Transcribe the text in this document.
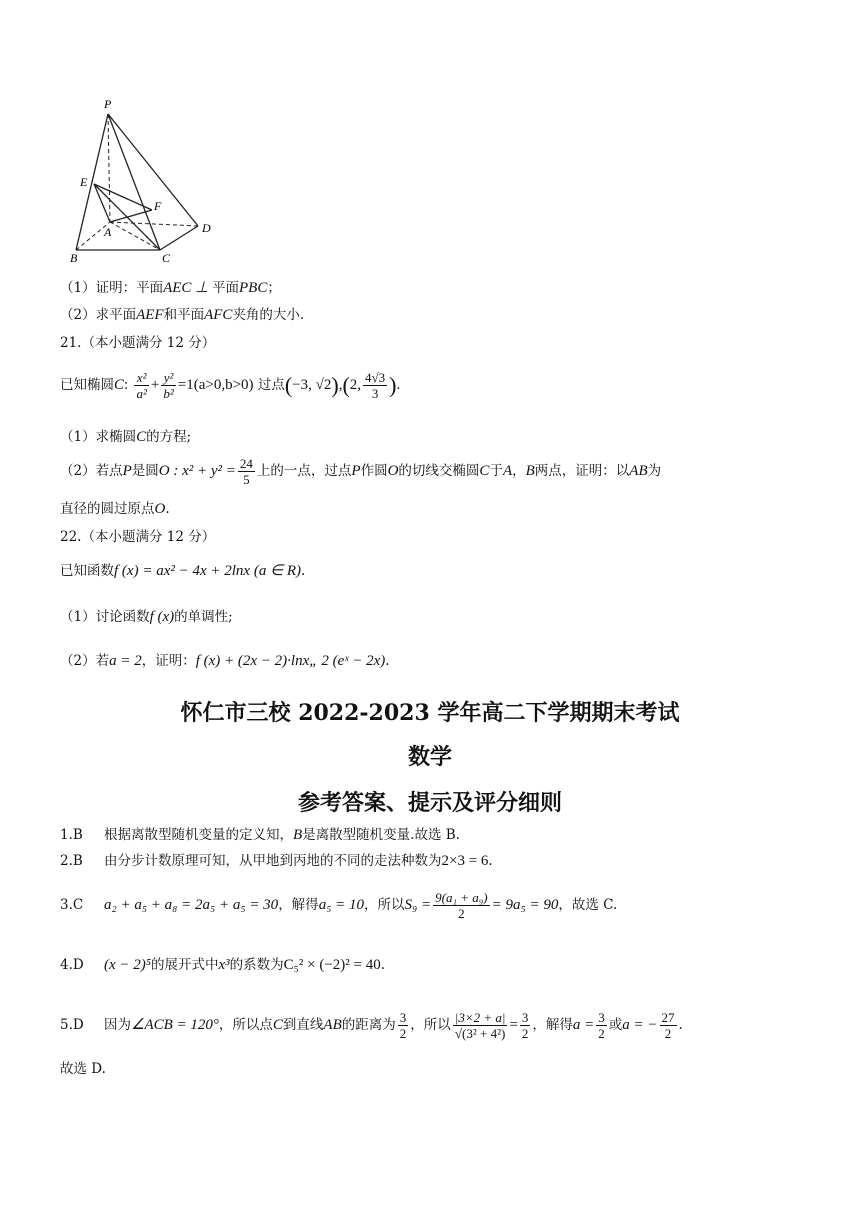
P
E
F
D
A
B	C
（1）证明：平面AEC ⊥ 平面PBC；
（2）求平面AEF和平面AFC夹角的大小.
21.（本小题满分 12 分）
已知椭圆C: $\frac{\text{x²}}{\text{a²}} + \frac{\text{y²}}{\text{b²}} =1(a>0,b>0)$ 过点(−3, √2),(2, $\frac{4√3}{3}$ ).
（1）求椭圆C的方程;
（2）若点P是圆O : $x^2 + y^2 = \frac{24}{5}$ 上的一点，过点P作圆O的切线交椭圆C于A，B两点，证明：以AB为
直径的圆过原点O.
22.（本小题满分 12 分）
已知函数f (x) = ax² − 4x + 2lnx (a ∈ R).
（1）讨论函数f (x)的单调性;
（2）若a = 2，证明：f (x) + (2x − 2)·lnx„ 2 (eˣ − 2x).
怀仁市三校 2022-2023 学年高二下学期期末考试
数学
参考答案、提示及评分细则
1.B 根据离散型随机变量的定义知，B是离散型随机变量.故选 B.
2.B 由分步计数原理可知，从甲地到丙地的不同的走法种数为2×3 = 6.
3.C a₂ + a₅ + a₈ = 2a₅ + a₅ = 30，解得a₅ = 10，所以$S_9 = \frac{\text{9(a₁ + a₉)}}{2} = 9a_5 = 90$，故选 C.
4.D (x − 2)⁵的展开式中x³的系数为C₅² × (−2)² = 40.
5.D 因为∠ACB = 120°，所以点C到直线AB的距离为 $\frac{3}{2}$ ，所以 $\frac{|3\times 2 + a|}{\text{√(3² + 4²)}} = \frac{3}{2}$ ，解得$a = \frac{3}{2}$ 或a = − $\frac{27}{2}$ .
故选 D.
